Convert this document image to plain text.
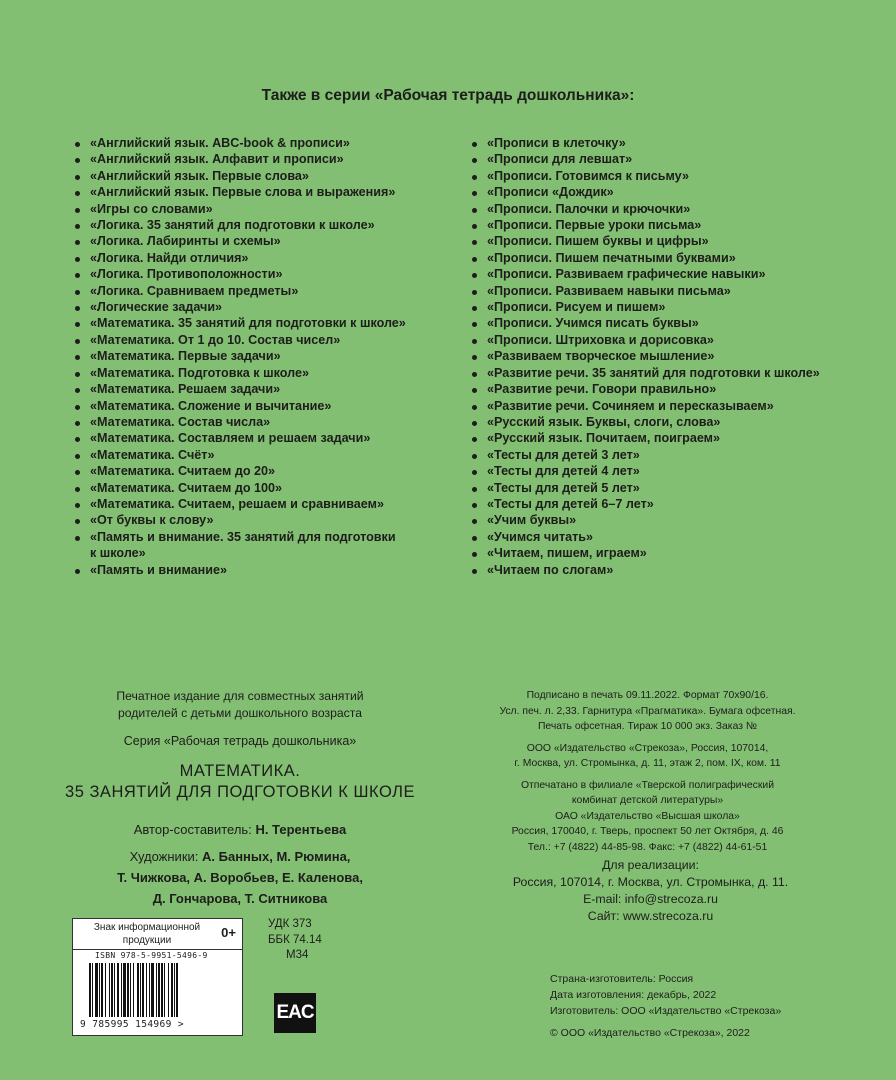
Также в серии «Рабочая тетрадь дошкольника»:
«Английский язык. ABC-book & прописи»
«Английский язык. Алфавит и прописи»
«Английский язык. Первые слова»
«Английский язык. Первые слова и выражения»
«Игры со словами»
«Логика. 35 занятий для подготовки к школе»
«Логика. Лабиринты и схемы»
«Логика. Найди отличия»
«Логика. Противоположности»
«Логика. Сравниваем предметы»
«Логические задачи»
«Математика. 35 занятий для подготовки к школе»
«Математика. От 1 до 10. Состав чисел»
«Математика. Первые задачи»
«Математика. Подготовка к школе»
«Математика. Решаем задачи»
«Математика. Сложение и вычитание»
«Математика. Состав числа»
«Математика. Составляем и решаем задачи»
«Математика. Счёт»
«Математика. Считаем до 20»
«Математика. Считаем до 100»
«Математика. Считаем, решаем и сравниваем»
«От буквы к слову»
«Память и внимание. 35 занятий для подготовки
к школе»
«Память и внимание»
«Прописи в клеточку»
«Прописи для левшат»
«Прописи. Готовимся к письму»
«Прописи «Дождик»
«Прописи. Палочки и крючочки»
«Прописи. Первые уроки письма»
«Прописи. Пишем буквы и цифры»
«Прописи. Пишем печатными буквами»
«Прописи. Развиваем графические навыки»
«Прописи. Развиваем навыки письма»
«Прописи. Рисуем и пишем»
«Прописи. Учимся писать буквы»
«Прописи. Штриховка и дорисовка»
«Развиваем творческое мышление»
«Развитие речи. 35 занятий для подготовки к школе»
«Развитие речи. Говори правильно»
«Развитие речи. Сочиняем и пересказываем»
«Русский язык. Буквы, слоги, слова»
«Русский язык. Почитаем, поиграем»
«Тесты для детей 3 лет»
«Тесты для детей 4 лет»
«Тесты для детей 5 лет»
«Тесты для детей 6–7 лет»
«Учим буквы»
«Учимся читать»
«Читаем, пишем, играем»
«Читаем по слогам»
Печатное издание для совместных занятий
родителей с детьми дошкольного возраста
Серия «Рабочая тетрадь дошкольника»
МАТЕМАТИКА.
35 ЗАНЯТИЙ ДЛЯ ПОДГОТОВКИ К ШКОЛЕ
Автор-составитель: Н. Терентьева
Художники: А. Банных, М. Рюмина,
Т. Чижкова, А. Воробьев, Е. Каленова,
Д. Гончарова, Т. Ситникова
Знак информационной
продукции
0+
ISBN 978-5-9951-5496-9
9 785995 154969 >
УДК 373
ББК 74.14
М34
EAC
Подписано в печать 09.11.2022. Формат 70х90/16.
Усл. печ. л. 2,33. Гарнитура «Прагматика». Бумага офсетная.
Печать офсетная. Тираж 10 000 экз. Заказ №
ООО «Издательство «Стрекоза», Россия, 107014,
г. Москва, ул. Стромынка, д. 11, этаж 2, пом. IX, ком. 11
Отпечатано в филиале «Тверской полиграфический
комбинат детской литературы»
ОАО «Издательство «Высшая школа»
Россия, 170040, г. Тверь, проспект 50 лет Октября, д. 46
Тел.: +7 (4822) 44-85-98. Факс: +7 (4822) 44-61-51
Для реализации:
Россия, 107014, г. Москва, ул. Стромынка, д. 11.
E-mail: info@strecoza.ru
Сайт: www.strecoza.ru
Страна-изготовитель: Россия
Дата изготовления: декабрь, 2022
Изготовитель: ООО «Издательство «Стрекоза»
© ООО «Издательство «Стрекоза», 2022
